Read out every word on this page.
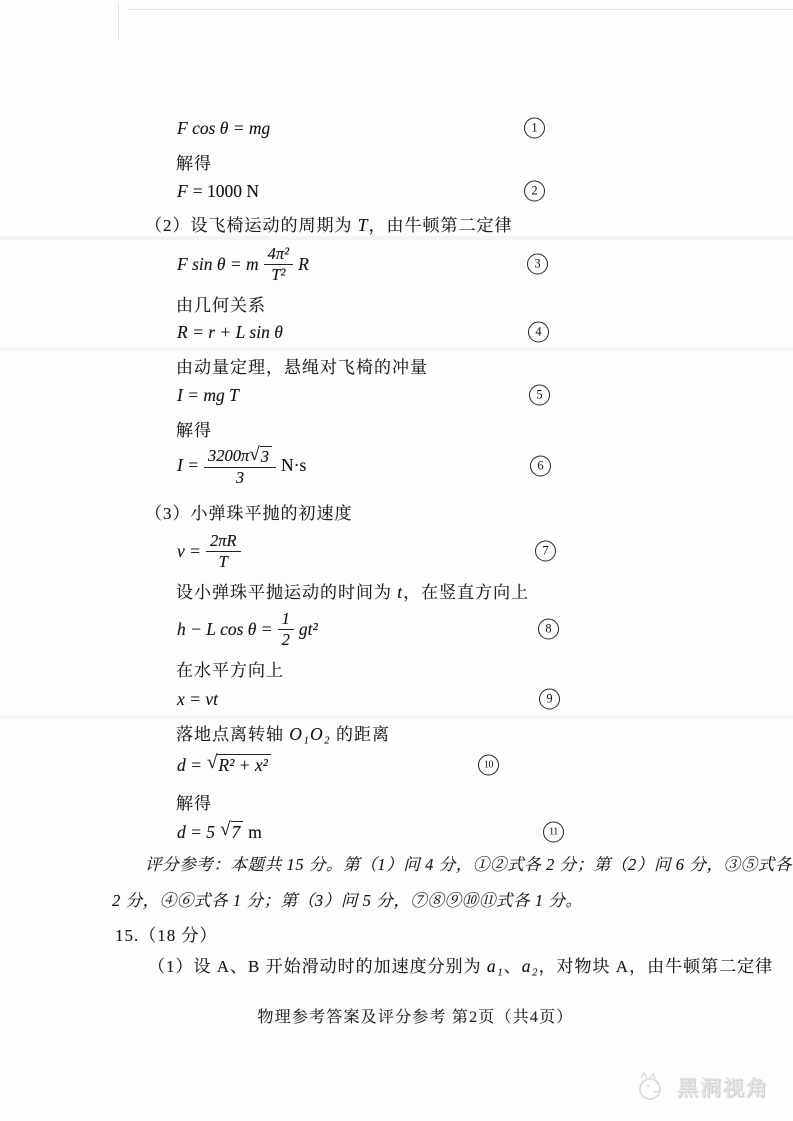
F cos θ = mg	1
解得
F = 1000 N	2
（2）设飞椅运动的周期为 T，由牛顿第二定律
F sin θ = m $\frac{\text{4π²}}{\text{T²}}$ R	3
由几何关系
R = r + L sin θ	4
由动量定理，悬绳对飞椅的冲量
I = mg T	5
解得
$I = \frac{3200\pi √ 3}{3} N\cdot s$	6
（3）小弹珠平抛的初速度
$v = \frac{2\pi R}{T}$	7
设小弹珠平抛运动的时间为 t，在竖直方向上
h − L $\cos \theta = \frac{1}{2} gt^2$	8
在水平方向上
x = vt	9
落地点离转轴 O₁O₂ 的距离
d = √ R² + x²	10
解得
d = 5 √ 7 m	11
评分参考：本题共 15 分。第（1）问 4 分，①②式各 2 分；第（2）问 6 分，③⑤式各
2 分，④⑥式各 1 分；第（3）问 5 分，⑦⑧⑨⑩⑪式各 1 分。
15.（18 分）
（1）设 A、B 开始滑动时的加速度分别为 a₁、a₂，对物块 A，由牛顿第二定律
物理参考答案及评分参考 第2页（共4页）
黑洞视角
